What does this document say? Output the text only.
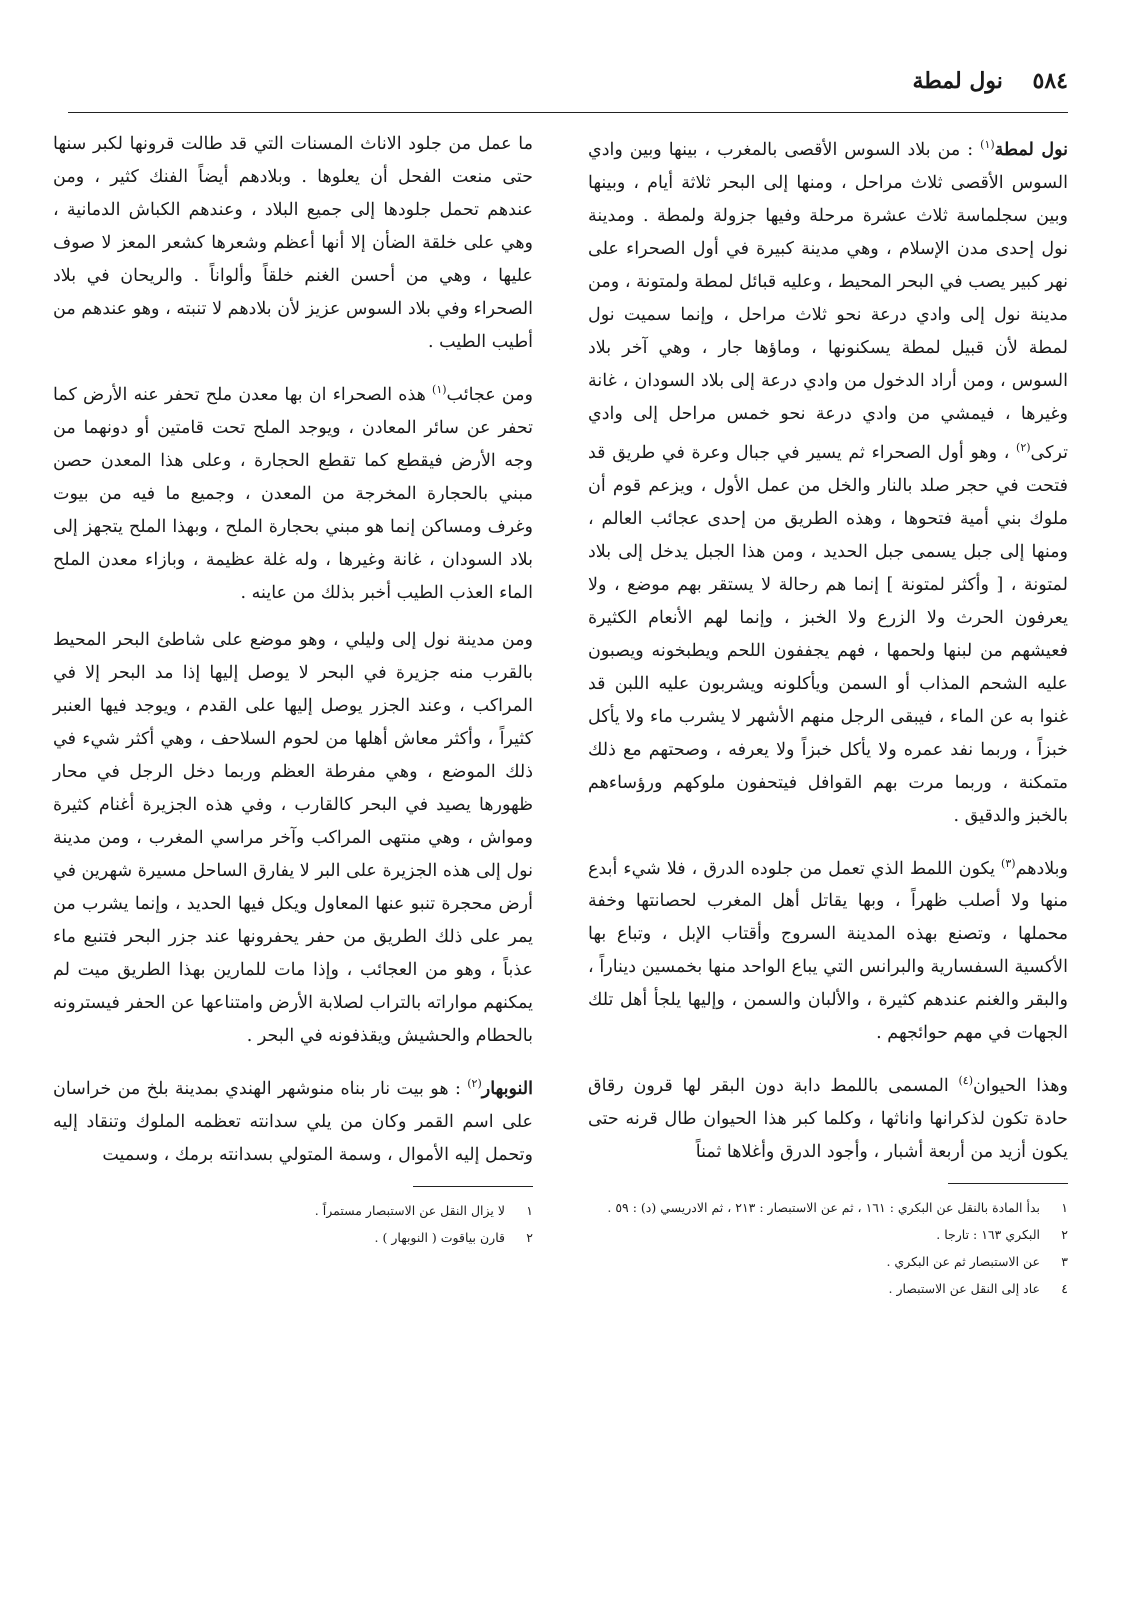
٥٨٤ نول لمطة

نول لمطة$^{(١)}$ : من بلاد السوس الأقصى بالمغرب ، بينها وبين وادي السوس الأقصى ثلاث مراحل ، ومنها إلى البحر ثلاثة أيام ، وبينها وبين سجلماسة ثلاث عشرة مرحلة وفيها جزولة ولمطة . ومدينة نول إحدى مدن الإسلام ، وهي مدينة كبيرة في أول الصحراء على نهر كبير يصب في البحر المحيط ، وعليه قبائل لمطة ولمتونة ، ومن مدينة نول إلى وادي درعة نحو ثلاث مراحل ، وإنما سميت نول لمطة لأن قبيل لمطة يسكنونها ، وماؤها جار ، وهي آخر بلاد السوس ، ومن أراد الدخول من وادي درعة إلى بلاد السودان ، غانة وغيرها ، فيمشي من وادي درعة نحو خمس مراحل إلى وادي تركى$^{(٢)}$ ، وهو أول الصحراء ثم يسير في جبال وعرة في طريق قد فتحت في حجر صلد بالنار والخل من عمل الأول ، ويزعم قوم أن ملوك بني أمية فتحوها ، وهذه الطريق من إحدى عجائب العالم ، ومنها إلى جبل يسمى جبل الحديد ، ومن هذا الجبل يدخل إلى بلاد لمتونة ، [ وأكثر لمتونة ] إنما هم رحالة لا يستقر بهم موضع ، ولا يعرفون الحرث ولا الزرع ولا الخبز ، وإنما لهم الأنعام الكثيرة فعيشهم من لبنها ولحمها ، فهم يجففون اللحم ويطبخونه ويصبون عليه الشحم المذاب أو السمن ويأكلونه ويشربون عليه اللبن قد غنوا به عن الماء ، فيبقى الرجل منهم الأشهر لا يشرب ماء ولا يأكل خبزاً ، وربما نفد عمره ولا يأكل خبزاً ولا يعرفه ، وصحتهم مع ذلك متمكنة ، وربما مرت بهم القوافل فيتحفون ملوكهم ورؤساءهم بالخبز والدقيق .

وبلادهم$^{(٣)}$ يكون اللمط الذي تعمل من جلوده الدرق ، فلا شيء أبدع منها ولا أصلب ظهراً ، وبها يقاتل أهل المغرب لحصانتها وخفة محملها ، وتصنع بهذه المدينة السروج وأقتاب الإبل ، وتباع بها الأكسية السفسارية والبرانس التي يباع الواحد منها بخمسين ديناراً ، والبقر والغنم عندهم كثيرة ، والألبان والسمن ، وإليها يلجأ أهل تلك الجهات في مهم حوائجهم .

وهذا الحيوان$^{(٤)}$ المسمى باللمط دابة دون البقر لها قرون رقاق حادة تكون لذكرانها واناثها ، وكلما كبر هذا الحيوان طال قرنه حتى يكون أزيد من أربعة أشبار ، وأجود الدرق وأغلاها ثمناً

١بدأ المادة بالنقل عن البكري : ١٦١ ، ثم عن الاستبصار : ٢١٣ ، ثم الادريسي (د) : ٥٩ .
٢البكري ١٦٣ : تارجا .
٣عن الاستبصار ثم عن البكري .
٤عاد إلى النقل عن الاستبصار .

ما عمل من جلود الاناث المسنات التي قد طالت قرونها لكبر سنها حتى منعت الفحل أن يعلوها . وبلادهم أيضاً الفنك كثير ، ومن عندهم تحمل جلودها إلى جميع البلاد ، وعندهم الكباش الدمانية ، وهي على خلقة الضأن إلا أنها أعظم وشعرها كشعر المعز لا صوف عليها ، وهي من أحسن الغنم خلقاً وألواناً . والريحان في بلاد الصحراء وفي بلاد السوس عزيز لأن بلادهم لا تنبته ، وهو عندهم من أطيب الطيب .

ومن عجائب$^{(١)}$ هذه الصحراء ان بها معدن ملح تحفر عنه الأرض كما تحفر عن سائر المعادن ، ويوجد الملح تحت قامتين أو دونهما من وجه الأرض فيقطع كما تقطع الحجارة ، وعلى هذا المعدن حصن مبني بالحجارة المخرجة من المعدن ، وجميع ما فيه من بيوت وغرف ومساكن إنما هو مبني بحجارة الملح ، وبهذا الملح يتجهز إلى بلاد السودان ، غانة وغيرها ، وله غلة عظيمة ، وبازاء معدن الملح الماء العذب الطيب أخبر بذلك من عاينه .

ومن مدينة نول إلى وليلي ، وهو موضع على شاطئ البحر المحيط بالقرب منه جزيرة في البحر لا يوصل إليها إذا مد البحر إلا في المراكب ، وعند الجزر يوصل إليها على القدم ، ويوجد فيها العنبر كثيراً ، وأكثر معاش أهلها من لحوم السلاحف ، وهي أكثر شيء في ذلك الموضع ، وهي مفرطة العظم وربما دخل الرجل في محار ظهورها يصيد في البحر كالقارب ، وفي هذه الجزيرة أغنام كثيرة ومواش ، وهي منتهى المراكب وآخر مراسي المغرب ، ومن مدينة نول إلى هذه الجزيرة على البر لا يفارق الساحل مسيرة شهرين في أرض محجرة تنبو عنها المعاول ويكل فيها الحديد ، وإنما يشرب من يمر على ذلك الطريق من حفر يحفرونها عند جزر البحر فتنبع ماء عذباً ، وهو من العجائب ، وإذا مات للمارين بهذا الطريق ميت لم يمكنهم مواراته بالتراب لصلابة الأرض وامتناعها عن الحفر فيسترونه بالحطام والحشيش ويقذفونه في البحر .

النوبهار$^{(٢)}$ : هو بيت نار بناه منوشهر الهندي بمدينة بلخ من خراسان على اسم القمر وكان من يلي سدانته تعظمه الملوك وتنقاد إليه وتحمل إليه الأموال ، وسمة المتولي بسدانته برمك ، وسميت

١لا يزال النقل عن الاستبصار مستمراً .
٢قارن بياقوت ( النوبهار ) .
